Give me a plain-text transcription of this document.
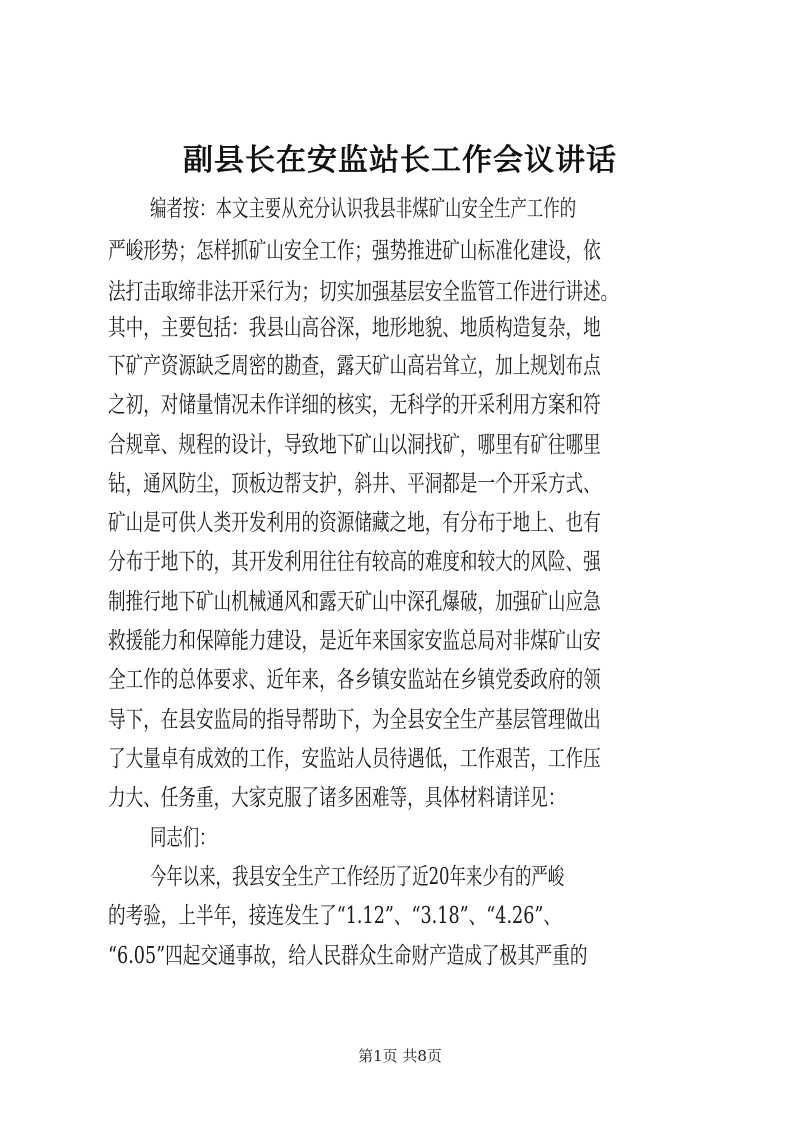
副县长在安监站长工作会议讲话
编者按：本文主要从充分认识我县非煤矿山安全生产工作的
严峻形势；怎样抓矿山安全工作；强势推进矿山标准化建设，依
法打击取缔非法开采行为；切实加强基层安全监管工作进行讲述。
其中，主要包括：我县山高谷深，地形地貌、地质构造复杂，地
下矿产资源缺乏周密的勘查，露天矿山高岩耸立，加上规划布点
之初，对储量情况未作详细的核实，无科学的开采利用方案和符
合规章、规程的设计，导致地下矿山以洞找矿，哪里有矿往哪里
钻，通风防尘，顶板边帮支护，斜井、平洞都是一个开采方式、
矿山是可供人类开发利用的资源储藏之地，有分布于地上、也有
分布于地下的，其开发利用往往有较高的难度和较大的风险、强
制推行地下矿山机械通风和露天矿山中深孔爆破，加强矿山应急
救援能力和保障能力建设，是近年来国家安监总局对非煤矿山安
全工作的总体要求、近年来，各乡镇安监站在乡镇党委政府的领
导下，在县安监局的指导帮助下，为全县安全生产基层管理做出
了大量卓有成效的工作，安监站人员待遇低，工作艰苦，工作压
力大、任务重，大家克服了诸多困难等，具体材料请详见：
同志们：
今年以来，我县安全生产工作经历了近20年来少有的严峻
的考验，上半年，接连发生了“1.12”、“3.18”、“4.26”、
“6.05”四起交通事故，给人民群众生命财产造成了极其严重的
第1页 共8页
